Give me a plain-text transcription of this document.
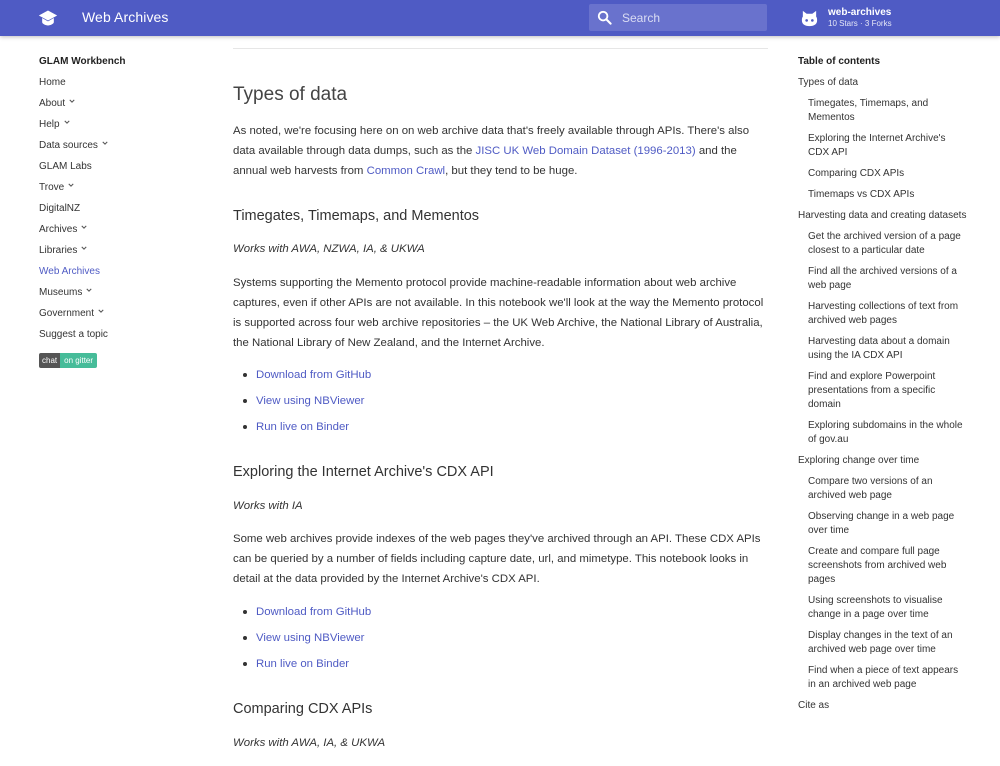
Web Archives
Search	web-archives
10 Stars · 3 Forks
GLAM Workbench
Home
About
Help
Data sources
GLAM Labs
Trove
DigitalNZ
Archives
Libraries
Web Archives
Museums
Government
Suggest a topic
chat on gitter
Types of data

As noted, we're focusing here on on web archive data that's freely available through APIs. There's also data available through data dumps, such as the JISC UK Web Domain Dataset (1996-2013) and the annual web harvests from Common Crawl, but they tend to be huge.

Timegates, Timemaps, and Mementos
Works with AWA, NZWA, IA, & UKWA

Systems supporting the Memento protocol provide machine-readable information about web archive captures, even if other APIs are not available. In this notebook we'll look at the way the Memento protocol is supported across four web archive repositories – the UK Web Archive, the National Library of Australia, the National Library of New Zealand, and the Internet Archive.

Download from GitHub
View using NBViewer
Run live on Binder
Exploring the Internet Archive's CDX API
Works with IA

Some web archives provide indexes of the web pages they've archived through an API. These CDX APIs can be queried by a number of fields including capture date, url, and mimetype. This notebook looks in detail at the data provided by the Internet Archive's CDX API.

Download from GitHub
View using NBViewer
Run live on Binder
Comparing CDX APIs
Works with AWA, IA, & UKWA
Table of contents
Types of data
Timegates, Timemaps, and Mementos
Exploring the Internet Archive's CDX API
Comparing CDX APIs
Timemaps vs CDX APIs
Harvesting data and creating datasets
Get the archived version of a page closest to a particular date
Find all the archived versions of a web page
Harvesting collections of text from archived web pages
Harvesting data about a domain using the IA CDX API
Find and explore Powerpoint presentations from a specific domain
Exploring subdomains in the whole of gov.au
Exploring change over time
Compare two versions of an archived web page
Observing change in a web page over time
Create and compare full page screenshots from archived web pages
Using screenshots to visualise change in a page over time
Display changes in the text of an archived web page over time
Find when a piece of text appears in an archived web page
Cite as
